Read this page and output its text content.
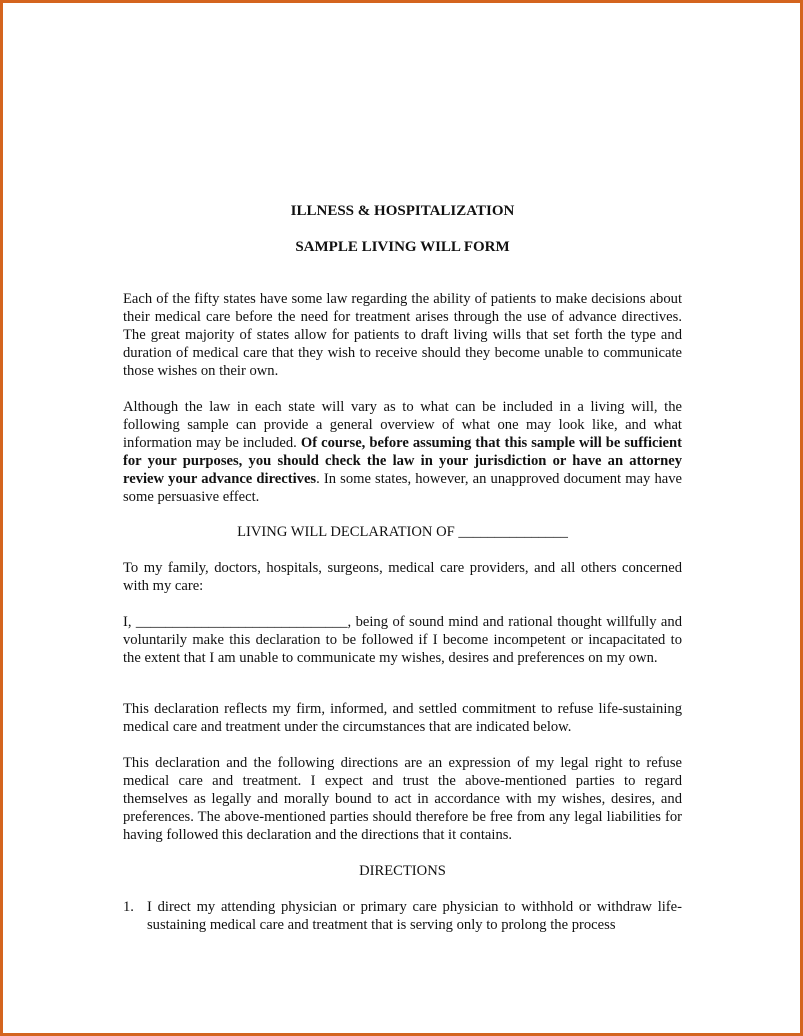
ILLNESS & HOSPITALIZATION
SAMPLE LIVING WILL FORM
Each of the fifty states have some law regarding the ability of patients to make decisions about their medical care before the need for treatment arises through the use of advance directives. The great majority of states allow for patients to draft living wills that set forth the type and duration of medical care that they wish to receive should they become unable to communicate those wishes on their own.
Although the law in each state will vary as to what can be included in a living will, the following sample can provide a general overview of what one may look like, and what information may be included. Of course, before assuming that this sample will be sufficient for your purposes, you should check the law in your jurisdiction or have an attorney review your advance directives. In some states, however, an unapproved document may have some persuasive effect.
LIVING WILL DECLARATION OF _______________
To my family, doctors, hospitals, surgeons, medical care providers, and all others concerned with my care:
I, _____________________________, being of sound mind and rational thought willfully and voluntarily make this declaration to be followed if I become incompetent or incapacitated to the extent that I am unable to communicate my wishes, desires and preferences on my own.
This declaration reflects my firm, informed, and settled commitment to refuse life-sustaining medical care and treatment under the circumstances that are indicated below.
This declaration and the following directions are an expression of my legal right to refuse medical care and treatment. I expect and trust the above-mentioned parties to regard themselves as legally and morally bound to act in accordance with my wishes, desires, and preferences. The above-mentioned parties should therefore be free from any legal liabilities for having followed this declaration and the directions that it contains.
DIRECTIONS
1. I direct my attending physician or primary care physician to withhold or withdraw life-sustaining medical care and treatment that is serving only to prolong the process
